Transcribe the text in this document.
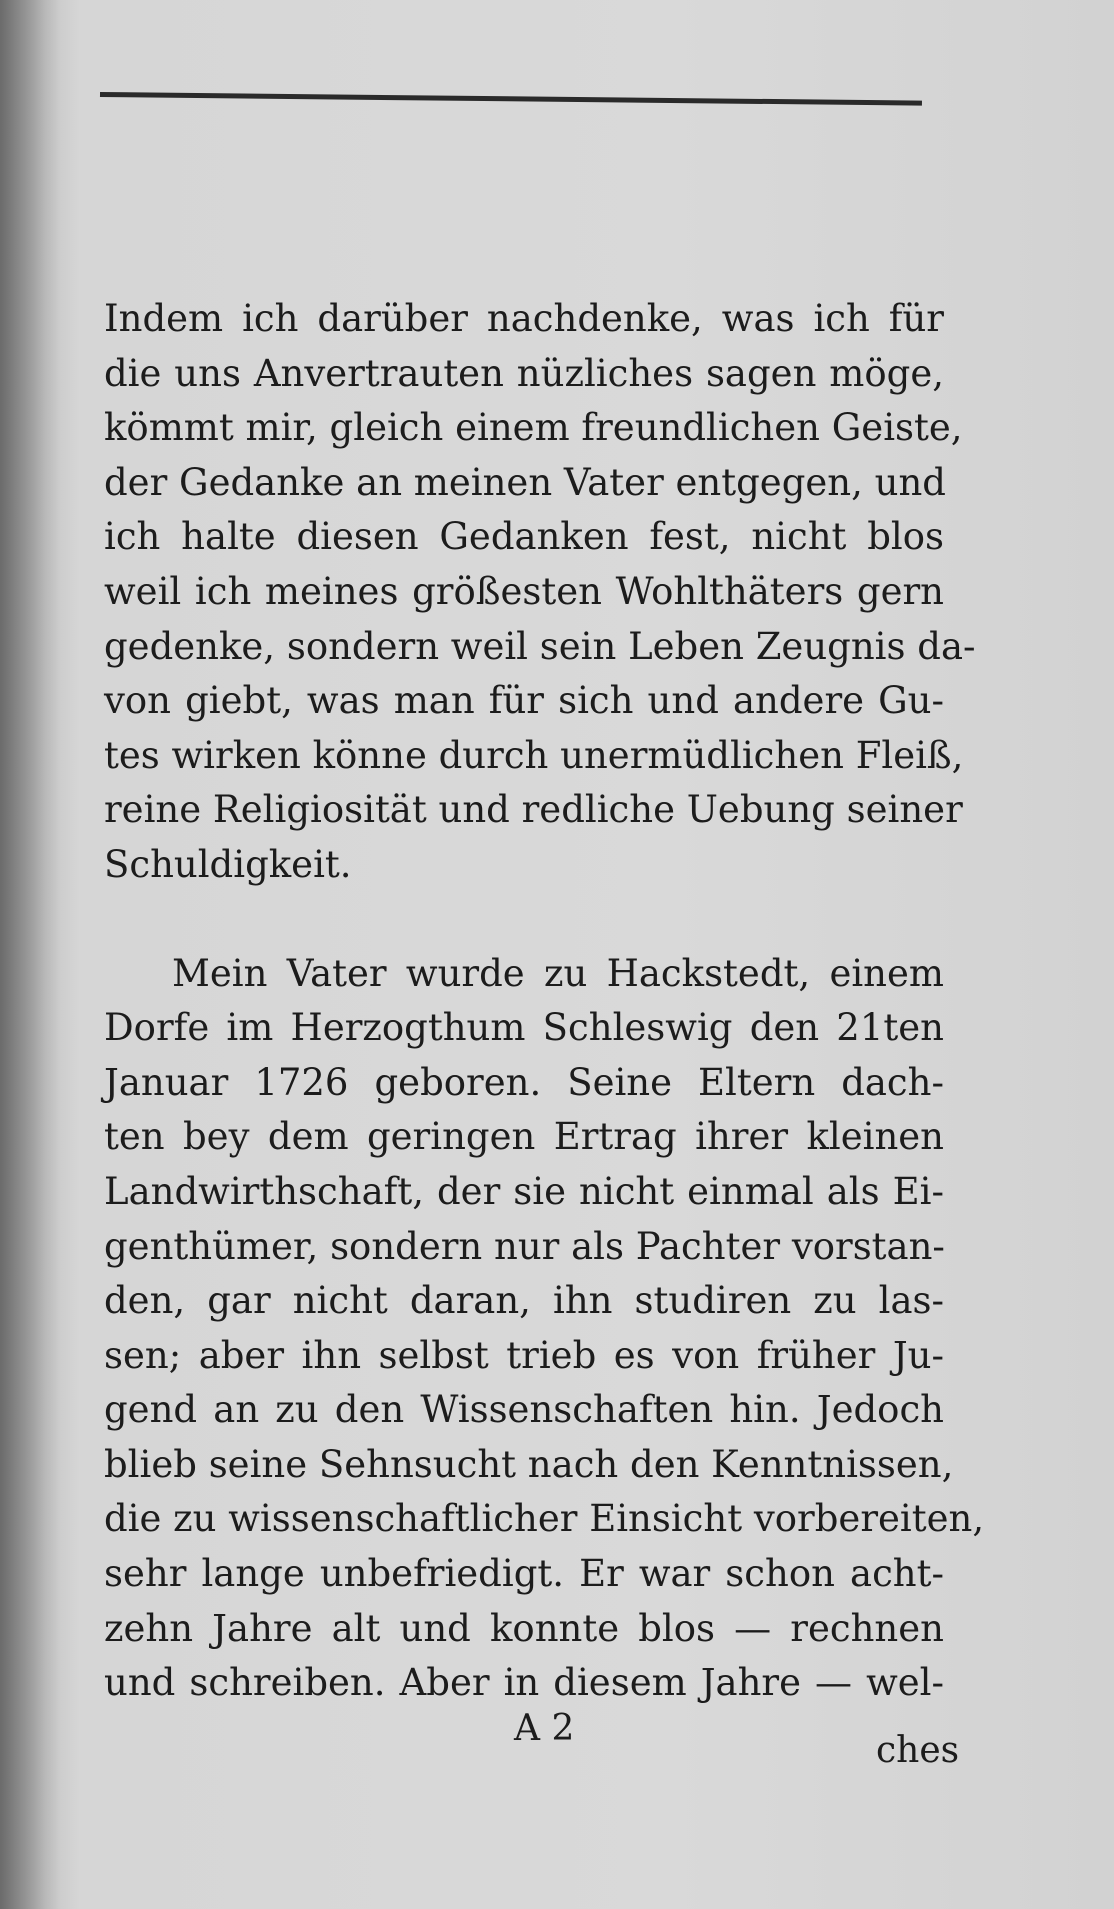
Indem ich darüber nachdenke, was ich für
die uns Anvertrauten nüzliches sagen möge,
kömmt mir, gleich einem freundlichen Geiste,
der Gedanke an meinen Vater entgegen, und
ich halte diesen Gedanken fest, nicht blos
weil ich meines größesten Wohlthäters gern
gedenke, sondern weil sein Leben Zeugnis da-
von giebt, was man für sich und andere Gu-
tes wirken könne durch unermüdlichen Fleiß,
reine Religiosität und redliche Uebung seiner
Schuldigkeit.

Mein Vater wurde zu Hackstedt, einem
Dorfe im Herzogthum Schleswig den 21ten
Januar 1726 geboren. Seine Eltern dach-
ten bey dem geringen Ertrag ihrer kleinen
Landwirthschaft, der sie nicht einmal als Ei-
genthümer, sondern nur als Pachter vorstan-
den, gar nicht daran, ihn studiren zu las-
sen; aber ihn selbst trieb es von früher Ju-
gend an zu den Wissenschaften hin. Jedoch
blieb seine Sehnsucht nach den Kenntnissen,
die zu wissenschaftlicher Einsicht vorbereiten,
sehr lange unbefriedigt. Er war schon acht-
zehn Jahre alt und konnte blos — rechnen
und schreiben. Aber in diesem Jahre — wel-

A 2
ches
